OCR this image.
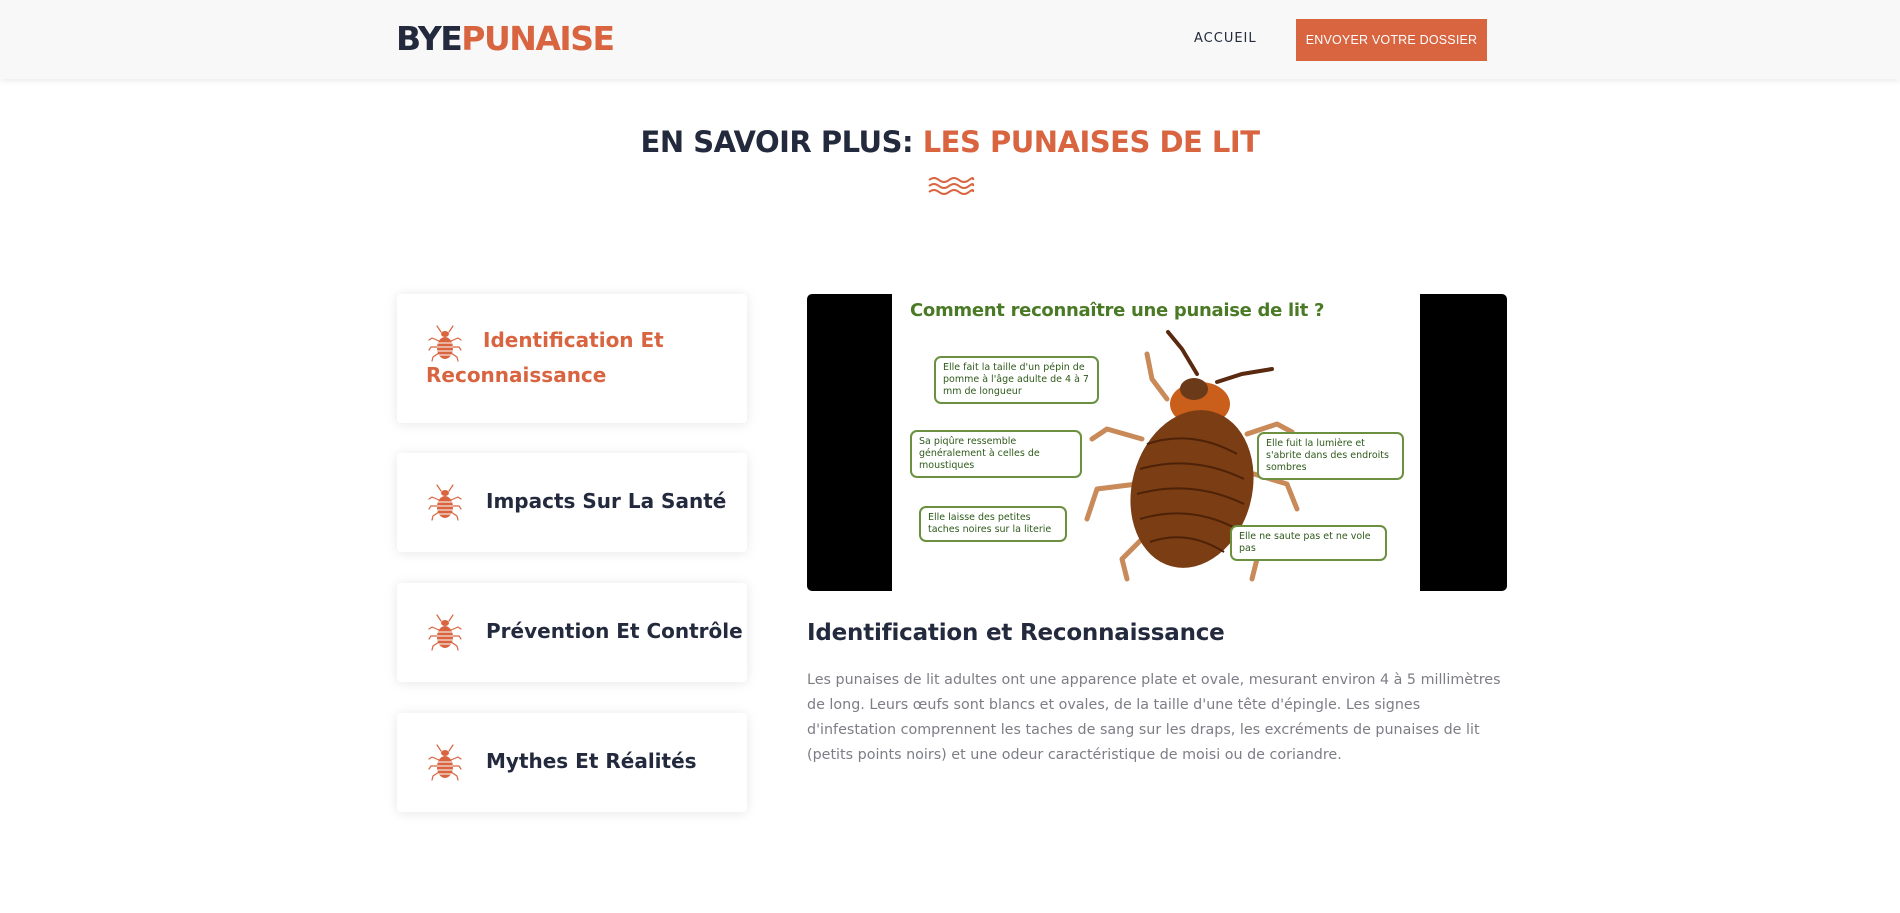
BYEPUNAISE	ACCUEIL	ENVOYER VOTRE DOSSIER
EN SAVOIR PLUS: LES PUNAISES DE LIT
Identification Et Reconnaissance
Impacts Sur La Santé
Prévention Et Contrôle
Mythes Et Réalités
Comment reconnaître une punaise de lit ?
Elle fait la taille d'un pépin de pomme à l'âge adulte de 4 à 7 mm de longueur
Sa piqûre ressemble généralement à celles de moustiques
Elle laisse des petites taches noires sur la literie
Elle fuit la lumière et s'abrite dans des endroits sombres
Elle ne saute pas et ne vole pas
Identification et Reconnaissance

Les punaises de lit adultes ont une apparence plate et ovale, mesurant environ 4 à 5 millimètres de long. Leurs œufs sont blancs et ovales, de la taille d'une tête d'épingle. Les signes d'infestation comprennent les taches de sang sur les draps, les excréments de punaises de lit (petits points noirs) et une odeur caractéristique de moisi ou de coriandre.
